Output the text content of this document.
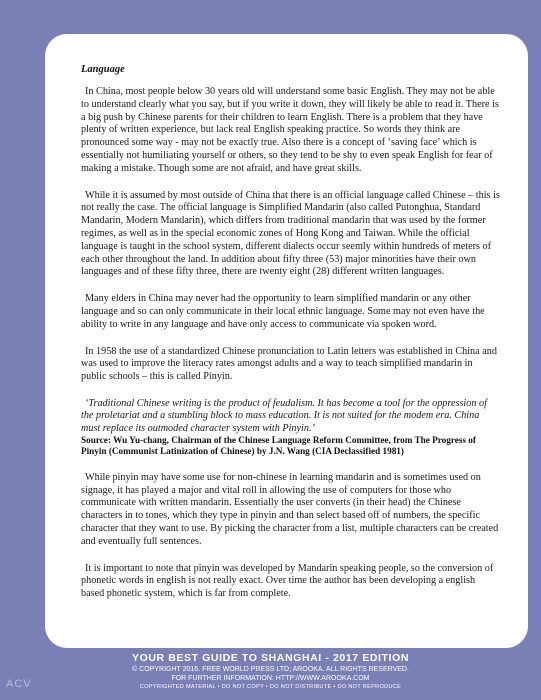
Language

In China, most people below 30 years old will understand some basic English. They may not be able to understand clearly what you say, but if you write it down, they will likely be able to read it. There is a big push by Chinese parents for their children to learn English. There is a problem that they have plenty of written experience, but lack real English speaking practice. So words they think are pronounced some way - may not be exactly true. Also there is a concept of ‘saving face’ which is essentially not humiliating yourself or others, so they tend to be shy to even speak English for fear of making a mistake. Though some are not afraid, and have great skills.

While it is assumed by most outside of China that there is an official language called Chinese – this is not really the case. The official language is Simplified Mandarin (also called Putonghua, Standard Mandarin, Modern Mandarin), which differs from traditional mandarin that was used by the former regimes, as well as in the special economic zones of Hong Kong and Taiwan. While the official language is taught in the school system, different dialects occur seemly within hundreds of meters of each other throughout the land. In addition about fifty three (53) major minorities have their own languages and of these fifty three, there are twenty eight (28) different written languages.

Many elders in China may never had the opportunity to learn simplified mandarin or any other language and so can only communicate in their local ethnic language. Some may not even have the ability to write in any language and have only access to communicate via spoken word.

In 1958 the use of a standardized Chinese pronunciation to Latin letters was established in China and was used to improve the literacy rates amongst adults and a way to teach simplified mandarin in public schools – this is called Pinyin.

‘Traditional Chinese writing is the product of feudalism. It has become a tool for the oppression of the proletariat and a stumbling block to mass education. It is not suited for the modem era. China must replace its outmoded character system with Pinyin.’

Source: Wu Yu-chang, Chairman of the Chinese Language Reform Committee, from The Progress of Pinyin (Communist Latinization of Chinese) by J.N. Wang (CIA Declassified 1981)

While pinyin may have some use for non-chinese in learning mandarin and is sometimes used on signage, it has played a major and vital roll in allowing the use of computers for those who communicate with written mandarin. Essentially the user converts (in their head) the Chinese characters in to tones, which they type in pinyin and than select based off of numbers, the specific character that they want to use. By picking the character from a list, multiple characters can be created and eventually full sentences.

It is important to note that pinyin was developed by Mandarin speaking people, so the conversion of phonetic words in english is not really exact. Over time the author has been developing a english based phonetic system, which is far from complete.

YOUR BEST GUIDE TO SHANGHAI - 2017 EDITION
© COPYRIGHT 2016. FREE WORLD PRESS LTD; AROOKA. ALL RIGHTS RESERVED.
FOR FURTHER INFORMATION: HTTP://WWW.AROOKA.COM
COPYRIGHTED MATERIAL • DO NOT COPY • DO NOT DISTRIBUTE • DO NOT REPRODUCE
ACV
